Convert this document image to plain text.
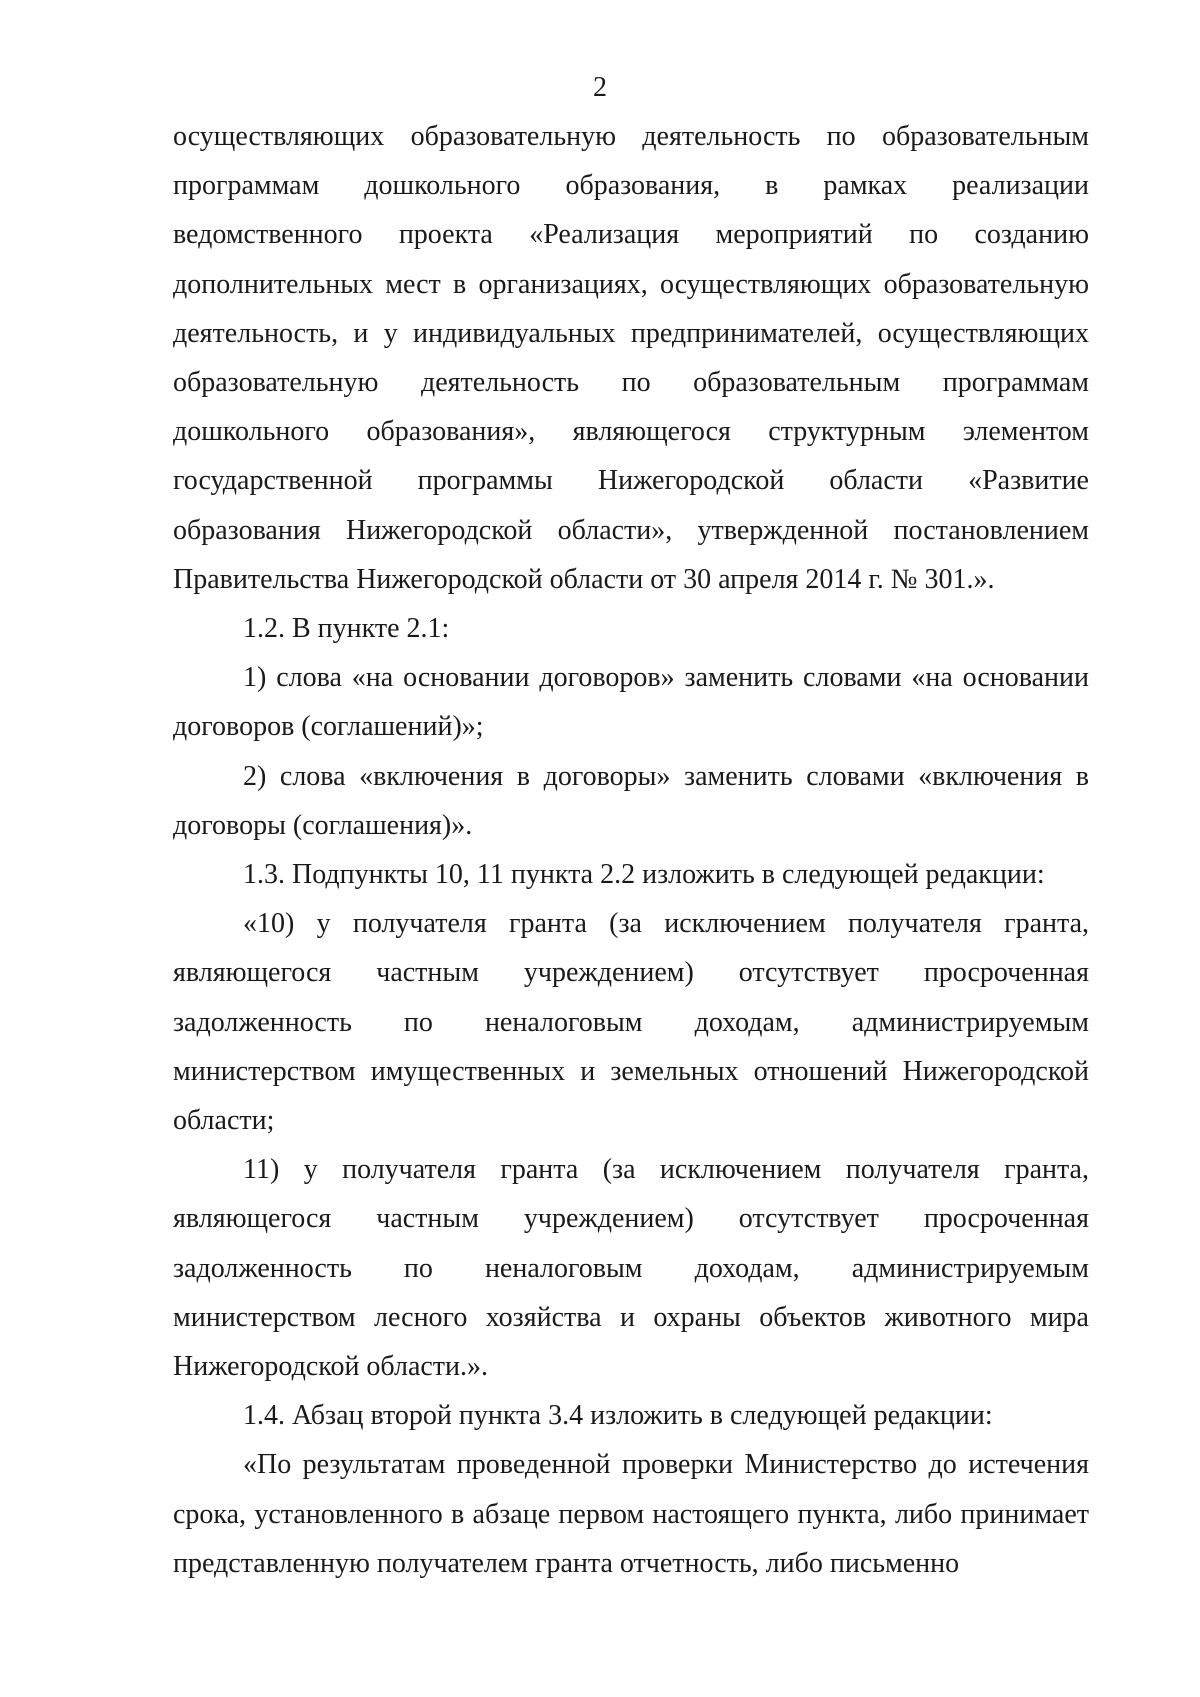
2

осуществляющих образовательную деятельность по образовательным программам дошкольного образования, в рамках реализации ведомственного проекта «Реализация мероприятий по созданию дополнительных мест в организациях, осуществляющих образовательную деятельность, и у индивидуальных предпринимателей, осуществляющих образовательную деятельность по образовательным программам дошкольного образования», являющегося структурным элементом государственной программы Нижегородской области «Развитие образования Нижегородской области», утвержденной постановлением Правительства Нижегородской области от 30 апреля 2014 г. № 301.».

1.2. В пункте 2.1:

1) слова «на основании договоров» заменить словами «на основании договоров (соглашений)»;

2) слова «включения в договоры» заменить словами «включения в договоры (соглашения)».

1.3. Подпункты 10, 11 пункта 2.2 изложить в следующей редакции:

«10) у получателя гранта (за исключением получателя гранта, являющегося частным учреждением) отсутствует просроченная задолженность по неналоговым доходам, администрируемым министерством имущественных и земельных отношений Нижегородской области;

11) у получателя гранта (за исключением получателя гранта, являющегося частным учреждением) отсутствует просроченная задолженность по неналоговым доходам, администрируемым министерством лесного хозяйства и охраны объектов животного мира Нижегородской области.».

1.4. Абзац второй пункта 3.4 изложить в следующей редакции:

«По результатам проведенной проверки Министерство до истечения срока, установленного в абзаце первом настоящего пункта, либо принимает представленную получателем гранта отчетность, либо письменно
